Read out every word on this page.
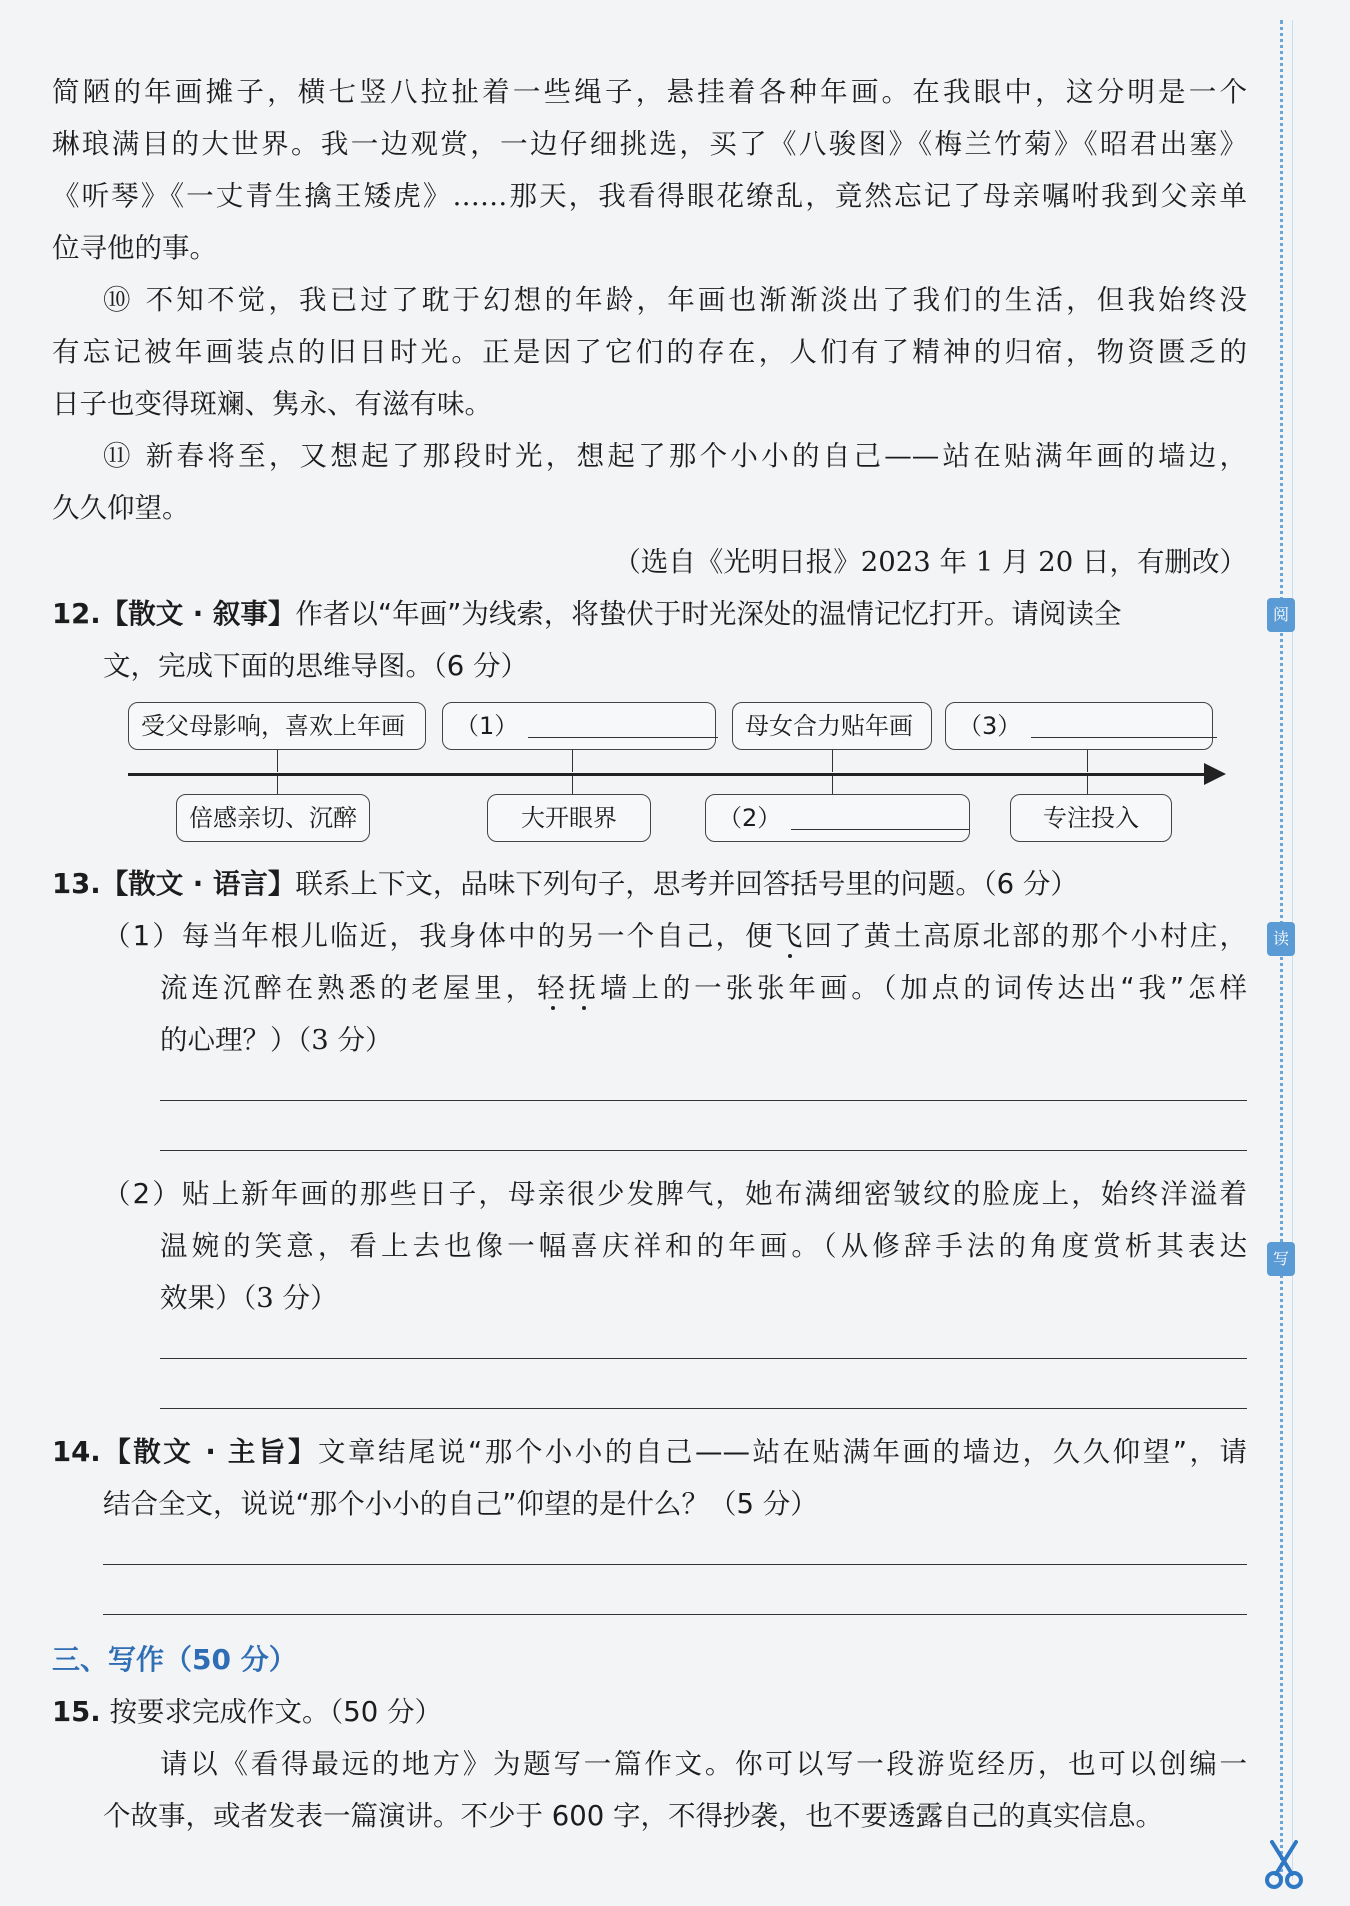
简陋的年画摊子，横七竖八拉扯着一些绳子，悬挂着各种年画。在我眼中，这分明是一个
琳琅满目的大世界。我一边观赏，一边仔细挑选，买了《八骏图》《梅兰竹菊》《昭君出塞》
《听琴》《一丈青生擒王矮虎》……那天，我看得眼花缭乱，竟然忘记了母亲嘱咐我到父亲单
位寻他的事。
⑩ 不知不觉，我已过了耽于幻想的年龄，年画也渐渐淡出了我们的生活，但我始终没
有忘记被年画装点的旧日时光。正是因了它们的存在，人们有了精神的归宿，物资匮乏的
日子也变得斑斓、隽永、有滋有味。
⑪ 新春将至，又想起了那段时光，想起了那个小小的自己——站在贴满年画的墙边，
久久仰望。
（选自《光明日报》2023 年 1 月 20 日，有删改）
12.【散文 · 叙事】作者以“年画”为线索，将蛰伏于时光深处的温情记忆打开。请阅读全
文，完成下面的思维导图。（6 分）
受父母影响，喜欢上年画	（1）	母女合力贴年画	（3）
倍感亲切、沉醉	大开眼界	（2）	专注投入
13.【散文 · 语言】联系上下文，品味下列句子，思考并回答括号里的问题。（6 分）
（1）每当年根儿临近，我身体中的另一个自己，便飞回了黄土高原北部的那个小村庄，
流连沉醉在熟悉的老屋里，轻抚墙上的一张张年画。（加点的词传达出“我”怎样
的心理？）（3 分）
（2）贴上新年画的那些日子，母亲很少发脾气，她布满细密皱纹的脸庞上，始终洋溢着
温婉的笑意，看上去也像一幅喜庆祥和的年画。（从修辞手法的角度赏析其表达
效果）（3 分）
14.【散文 · 主旨】文章结尾说“那个小小的自己——站在贴满年画的墙边，久久仰望”，请
结合全文，说说“那个小小的自己”仰望的是什么？（5 分）
三、写作（50 分）
15. 按要求完成作文。（50 分）
请以《看得最远的地方》为题写一篇作文。你可以写一段游览经历，也可以创编一
个故事，或者发表一篇演讲。不少于 600 字，不得抄袭，也不要透露自己的真实信息。
阅
读
写
